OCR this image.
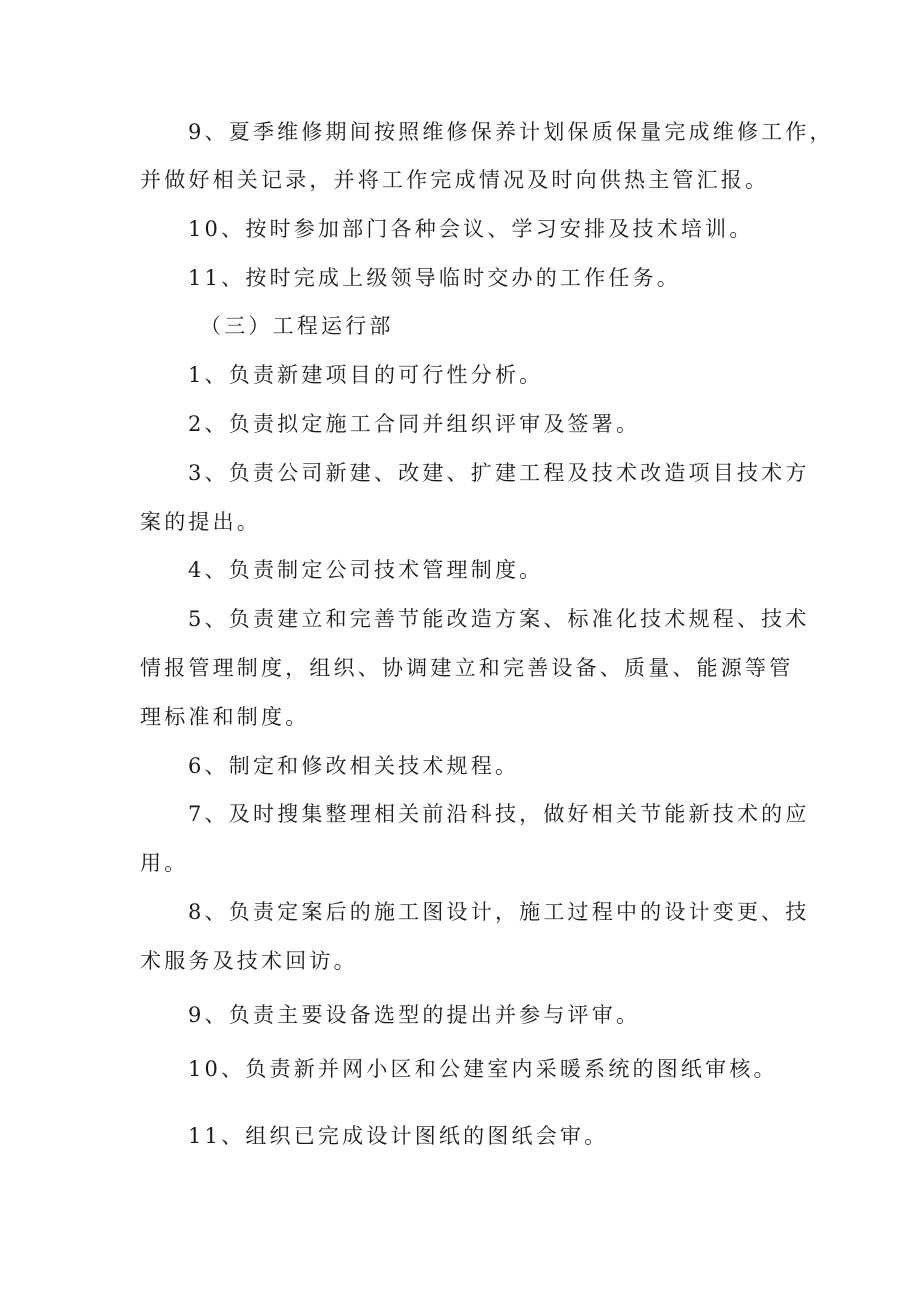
9、夏季维修期间按照维修保养计划保质保量完成维修工作，
并做好相关记录，并将工作完成情况及时向供热主管汇报。
10、按时参加部门各种会议、学习安排及技术培训。
11、按时完成上级领导临时交办的工作任务。
（三）工程运行部
1、负责新建项目的可行性分析。
2、负责拟定施工合同并组织评审及签署。
3、负责公司新建、改建、扩建工程及技术改造项目技术方
案的提出。
4、负责制定公司技术管理制度。
5、负责建立和完善节能改造方案、标准化技术规程、技术
情报管理制度，组织、协调建立和完善设备、质量、能源等管
理标准和制度。
6、制定和修改相关技术规程。
7、及时搜集整理相关前沿科技，做好相关节能新技术的应
用。
8、负责定案后的施工图设计，施工过程中的设计变更、技
术服务及技术回访。
9、负责主要设备选型的提出并参与评审。
10、负责新并网小区和公建室内采暖系统的图纸审核。
11、组织已完成设计图纸的图纸会审。
